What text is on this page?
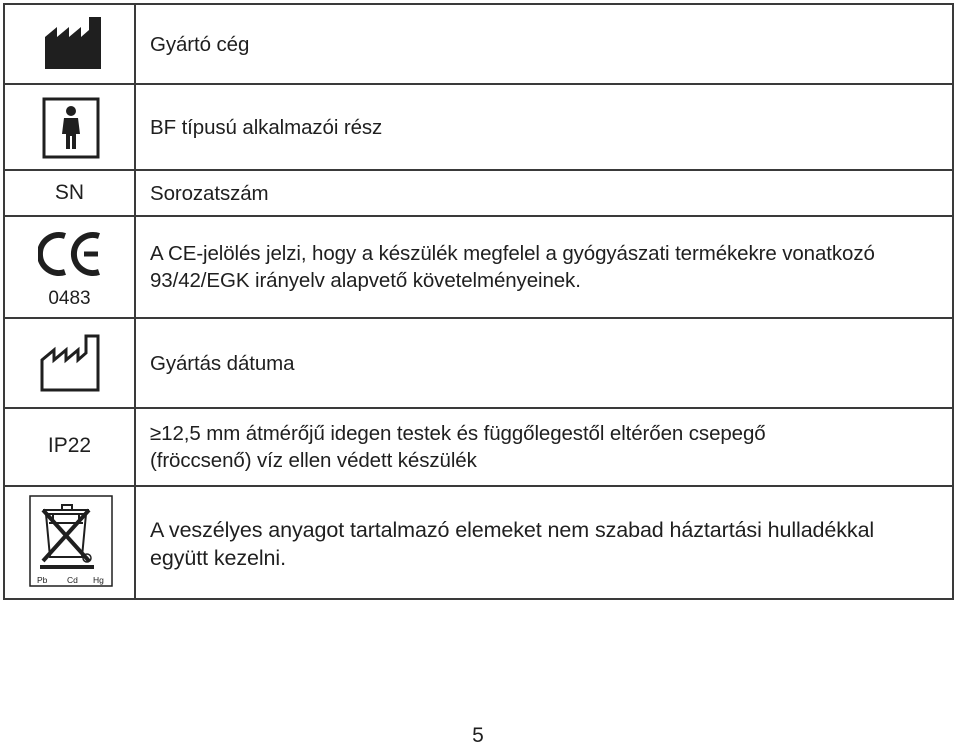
Gyártó cég
BF típusú alkalmazói rész
SN	Sorozatszám
0483
A CE-jelölés jelzi, hogy a készülék megfelel a gyógyászati termékekre vonatkozó
93/42/EGK irányelv alapvető követelményeinek.
Gyártás dátuma
IP22
≥12,5 mm átmérőjű idegen testek és függőlegestől eltérően csepegő
(fröccsenő) víz ellen védett készülék
Pb Cd Hg
A veszélyes anyagot tartalmazó elemeket nem szabad háztartási hulladékkal
együtt kezelni.
5
